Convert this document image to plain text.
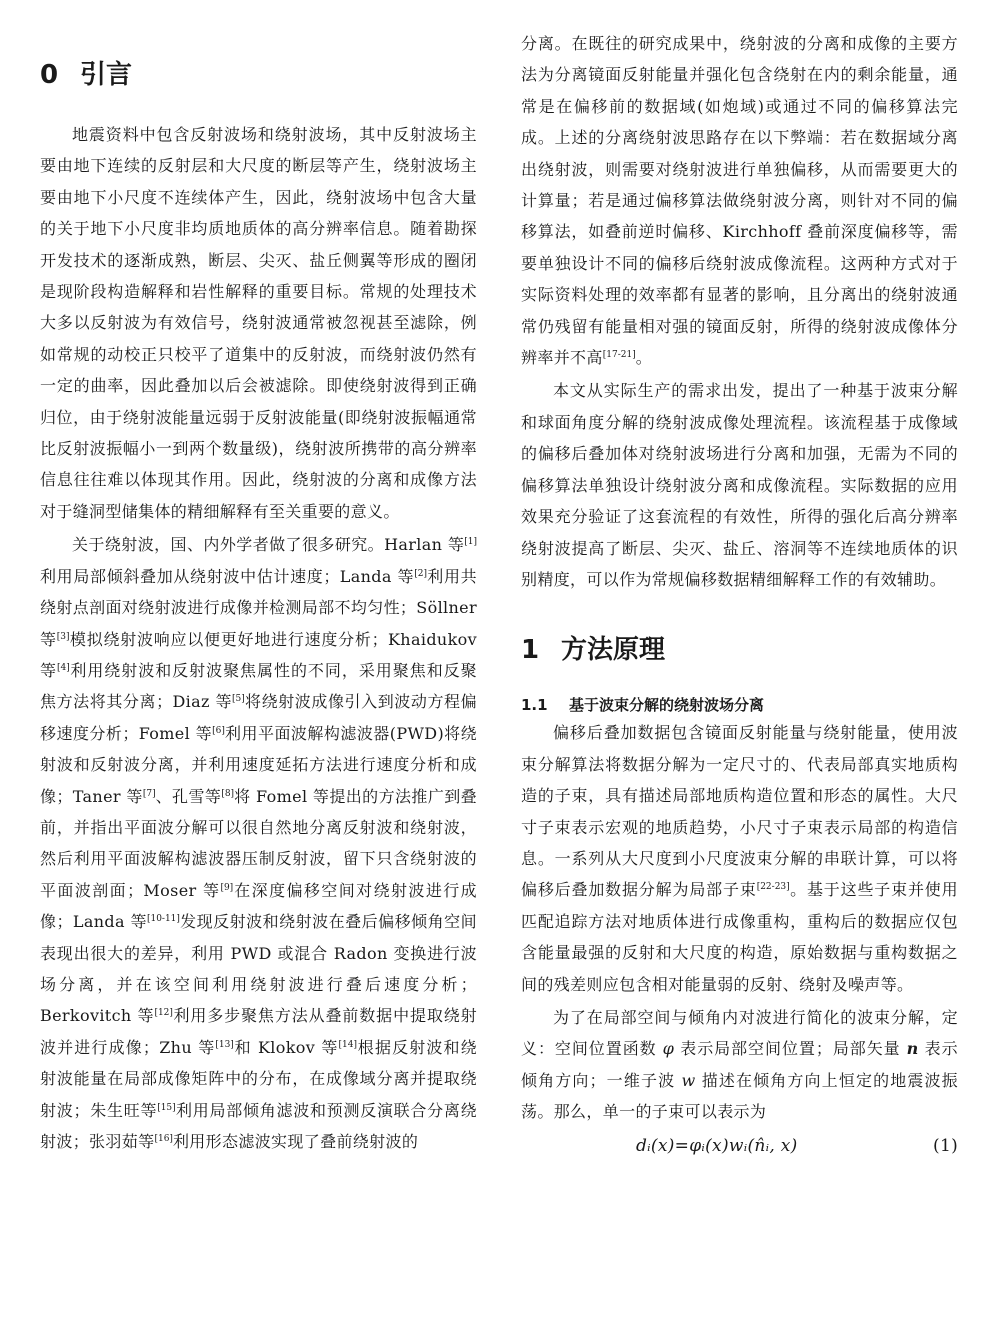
0 引言

地震资料中包含反射波场和绕射波场，其中反射波场主要由地下连续的反射层和大尺度的断层等产生，绕射波场主要由地下小尺度不连续体产生，因此，绕射波场中包含大量的关于地下小尺度非均质地质体的高分辨率信息。随着勘探开发技术的逐渐成熟，断层、尖灭、盐丘侧翼等形成的圈闭是现阶段构造解释和岩性解释的重要目标。常规的处理技术大多以反射波为有效信号，绕射波通常被忽视甚至滤除，例如常规的动校正只校平了道集中的反射波，而绕射波仍然有一定的曲率，因此叠加以后会被滤除。即使绕射波得到正确归位，由于绕射波能量远弱于反射波能量(即绕射波振幅通常比反射波振幅小一到两个数量级)，绕射波所携带的高分辨率信息往往难以体现其作用。因此，绕射波的分离和成像方法对于缝洞型储集体的精细解释有至关重要的意义。

关于绕射波，国、内外学者做了很多研究。Harlan 等[1]利用局部倾斜叠加从绕射波中估计速度；Landa 等[2]利用共绕射点剖面对绕射波进行成像并检测局部不均匀性；Söllner 等[3]模拟绕射波响应以便更好地进行速度分析；Khaidukov 等[4]利用绕射波和反射波聚焦属性的不同，采用聚焦和反聚焦方法将其分离；Diaz 等[5]将绕射波成像引入到波动方程偏移速度分析；Fomel 等[6]利用平面波解构滤波器(PWD)将绕射波和反射波分离，并利用速度延拓方法进行速度分析和成像；Taner 等[7]、孔雪等[8]将 Fomel 等提出的方法推广到叠前，并指出平面波分解可以很自然地分离反射波和绕射波，然后利用平面波解构滤波器压制反射波，留下只含绕射波的平面波剖面；Moser 等[9]在深度偏移空间对绕射波进行成像；Landa 等[10-11]发现反射波和绕射波在叠后偏移倾角空间表现出很大的差异，利用 PWD 或混合 Radon 变换进行波场分离，并在该空间利用绕射波进行叠后速度分析；Berkovitch 等[12]利用多步聚焦方法从叠前数据中提取绕射波并进行成像；Zhu 等[13]和 Klokov 等[14]根据反射波和绕射波能量在局部成像矩阵中的分布，在成像域分离并提取绕射波；朱生旺等[15]利用局部倾角滤波和预测反演联合分离绕射波；张羽茹等[16]利用形态滤波实现了叠前绕射波的

分离。在既往的研究成果中，绕射波的分离和成像的主要方法为分离镜面反射能量并强化包含绕射在内的剩余能量，通常是在偏移前的数据域(如炮域)或通过不同的偏移算法完成。上述的分离绕射波思路存在以下弊端：若在数据域分离出绕射波，则需要对绕射波进行单独偏移，从而需要更大的计算量；若是通过偏移算法做绕射波分离，则针对不同的偏移算法，如叠前逆时偏移、Kirchhoff 叠前深度偏移等，需要单独设计不同的偏移后绕射波成像流程。这两种方式对于实际资料处理的效率都有显著的影响，且分离出的绕射波通常仍残留有能量相对强的镜面反射，所得的绕射波成像体分辨率并不高[17-21]。

本文从实际生产的需求出发，提出了一种基于波束分解和球面角度分解的绕射波成像处理流程。该流程基于成像域的偏移后叠加体对绕射波场进行分离和加强，无需为不同的偏移算法单独设计绕射波分离和成像流程。实际数据的应用效果充分验证了这套流程的有效性，所得的强化后高分辨率绕射波提高了断层、尖灭、盐丘、溶洞等不连续地质体的识别精度，可以作为常规偏移数据精细解释工作的有效辅助。

1 方法原理
1.1 基于波束分解的绕射波场分离

偏移后叠加数据包含镜面反射能量与绕射能量，使用波束分解算法将数据分解为一定尺寸的、代表局部真实地质构造的子束，具有描述局部地质构造位置和形态的属性。大尺寸子束表示宏观的地质趋势，小尺寸子束表示局部的构造信息。一系列从大尺度到小尺度波束分解的串联计算，可以将偏移后叠加数据分解为局部子束[22-23]。基于这些子束并使用匹配追踪方法对地质体进行成像重构，重构后的数据应仅包含能量最强的反射和大尺度的构造，原始数据与重构数据之间的残差则应包含相对能量弱的反射、绕射及噪声等。

为了在局部空间与倾角内对波进行简化的波束分解，定义：空间位置函数 φ 表示局部空间位置；局部矢量 n 表示倾角方向；一维子波 w 描述在倾角方向上恒定的地震波振荡。那么，单一的子束可以表示为

dᵢ(x)=φᵢ(x)wᵢ(n̂ᵢ, x)	(1)
